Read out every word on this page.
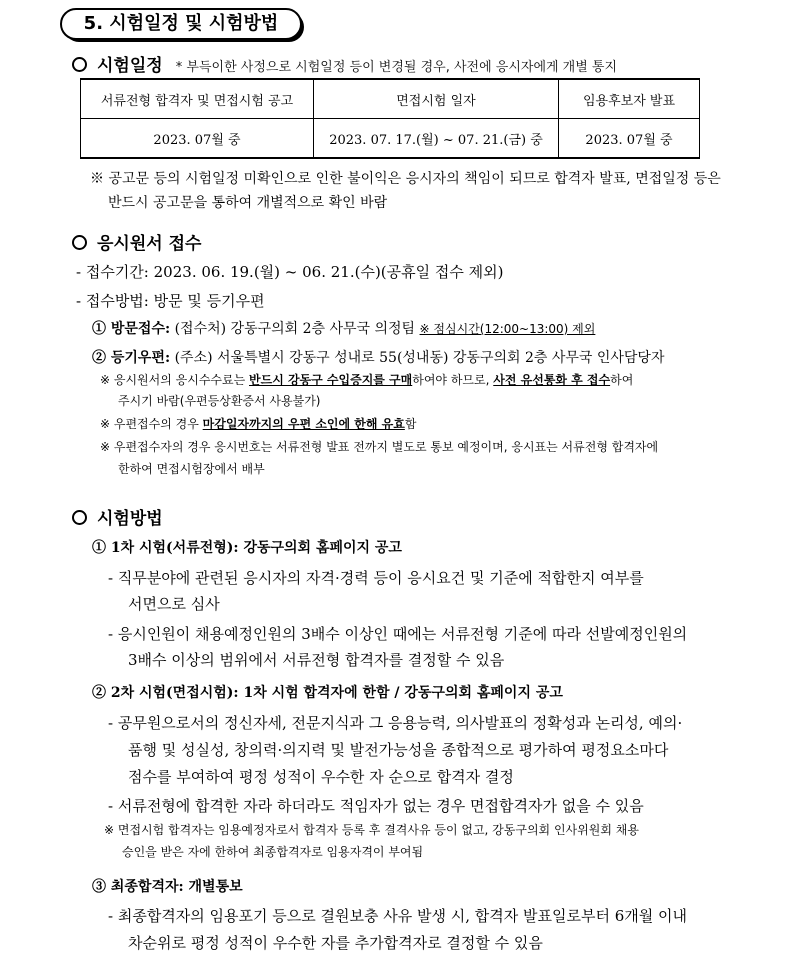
5. 시험일정 및 시험방법
시험일정 * 부득이한 사정으로 시험일정 등이 변경될 경우, 사전에 응시자에게 개별 통지
서류전형 합격자 및 면접시험 공고	면접시험 일자	임용후보자 발표
2023. 07월 중	2023. 07. 17.(월) ~ 07. 21.(금) 중	2023. 07월 중
※ 공고문 등의 시험일정 미확인으로 인한 불이익은 응시자의 책임이 되므로 합격자 발표, 면접일정 등은
반드시 공고문을 통하여 개별적으로 확인 바람
응시원서 접수
- 접수기간: 2023. 06. 19.(월) ~ 06. 21.(수)(공휴일 접수 제외)
- 접수방법: 방문 및 등기우편
① 방문접수: (접수처) 강동구의회 2층 사무국 의정팀 ※ 점심시간(12:00~13:00) 제외
② 등기우편: (주소) 서울특별시 강동구 성내로 55(성내동) 강동구의회 2층 사무국 인사담당자
※ 응시원서의 응시수수료는 반드시 강동구 수입증지를 구매하여야 하므로, 사전 유선통화 후 접수하여
주시기 바람(우편등상환증서 사용불가)
※ 우편접수의 경우 마감일자까지의 우편 소인에 한해 유효함
※ 우편접수자의 경우 응시번호는 서류전형 발표 전까지 별도로 통보 예정이며, 응시표는 서류전형 합격자에
한하여 면접시험장에서 배부
시험방법
① 1차 시험(서류전형): 강동구의회 홈페이지 공고
- 직무분야에 관련된 응시자의 자격·경력 등이 응시요건 및 기준에 적합한지 여부를
서면으로 심사
- 응시인원이 채용예정인원의 3배수 이상인 때에는 서류전형 기준에 따라 선발예정인원의
3배수 이상의 범위에서 서류전형 합격자를 결정할 수 있음
② 2차 시험(면접시험): 1차 시험 합격자에 한함 / 강동구의회 홈페이지 공고
- 공무원으로서의 정신자세, 전문지식과 그 응용능력, 의사발표의 정확성과 논리성, 예의·
품행 및 성실성, 창의력·의지력 및 발전가능성을 종합적으로 평가하여 평정요소마다
점수를 부여하여 평정 성적이 우수한 자 순으로 합격자 결정
- 서류전형에 합격한 자라 하더라도 적임자가 없는 경우 면접합격자가 없을 수 있음
※ 면접시험 합격자는 임용예정자로서 합격자 등록 후 결격사유 등이 없고, 강동구의회 인사위원회 채용
승인을 받은 자에 한하여 최종합격자로 임용자격이 부여됨
③ 최종합격자: 개별통보
- 최종합격자의 임용포기 등으로 결원보충 사유 발생 시, 합격자 발표일로부터 6개월 이내
차순위로 평정 성적이 우수한 자를 추가합격자로 결정할 수 있음
